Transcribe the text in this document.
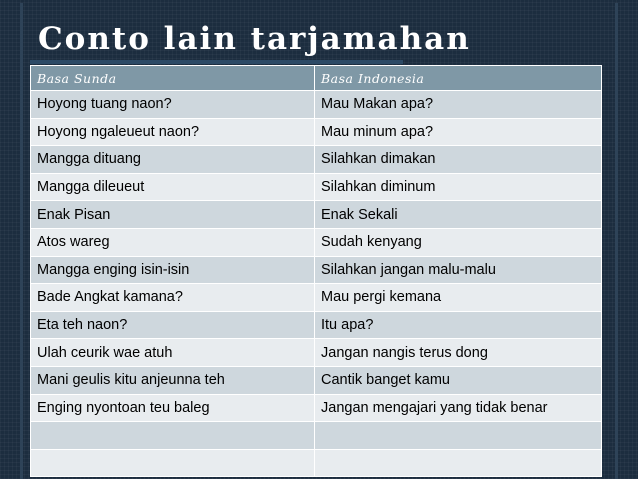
Conto lain tarjamahan
Basa Sunda	Basa Indonesia
Hoyong tuang naon?	Mau Makan apa?
Hoyong ngaleueut naon?	Mau minum apa?
Mangga dituang	Silahkan dimakan
Mangga dileueut	Silahkan diminum
Enak Pisan	Enak Sekali
Atos wareg	Sudah kenyang
Mangga enging isin-isin	Silahkan jangan malu-malu
Bade Angkat kamana?	Mau pergi kemana
Eta teh naon?	Itu apa?
Ulah ceurik wae atuh	Jangan nangis terus dong
Mani geulis kitu anjeunna teh	Cantik banget kamu
Enging nyontoan teu baleg	Jangan mengajari yang tidak benar
